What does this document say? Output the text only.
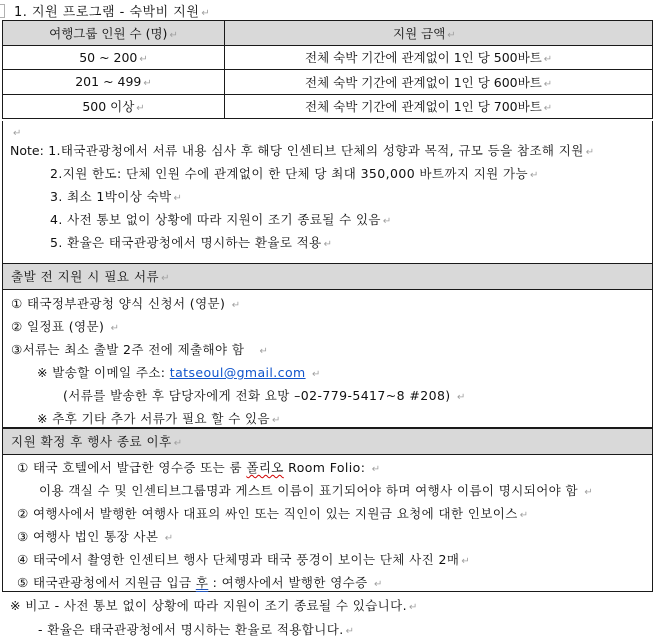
1. 지원 프로그램 - 숙박비 지원 ↵
여행그룹 인원 수 (명) ↵	지원 금액 ↵
50 ~ 200 ↵	전체 숙박 기간에 관계없이 1인 당 500바트 ↵
201 ~ 499 ↵	전체 숙박 기간에 관계없이 1인 당 600바트 ↵
500 이상 ↵	전체 숙박 기간에 관계없이 1인 당 700바트 ↵
↵
Note: 1.태국관광청에서 서류 내용 심사 후 해당 인센티브 단체의 성향과 목적, 규모 등을 참조해 지원 ↵
2.지원 한도: 단체 인원 수에 관계없이 한 단체 당 최대 350,000 바트까지 지원 가능 ↵
3. 최소 1박이상 숙박 ↵
4. 사전 통보 없이 상황에 따라 지원이 조기 종료될 수 있음 ↵
5. 환율은 태국관광청에서 명시하는 환율로 적용 ↵
출발 전 지원 시 필요 서류 ↵
① 태국정부관광청 양식 신청서 (영문) ↵
② 일정표 (영문) ↵
③서류는 최소 출발 2주 전에 제출해야 함 ↵
※ 발송할 이메일 주소: tatseoul@gmail.com ↵
(서류를 발송한 후 담당자에게 전화 요망 –02-779-5417~8 #208) ↵
※ 추후 기타 추가 서류가 필요 할 수 있음 ↵
지원 확정 후 행사 종료 이후 ↵
① 태국 호텔에서 발급한 영수증 또는 룸 폴리오 Room Folio: ↵
이용 객실 수 및 인센티브그룹명과 게스트 이름이 표기되어야 하며 여행사 이름이 명시되어야 함 ↵
② 여행사에서 발행한 여행사 대표의 싸인 또는 직인이 있는 지원금 요청에 대한 인보이스 ↵
③ 여행사 법인 통장 사본 ↵
④ 태국에서 촬영한 인센티브 행사 단체명과 태국 풍경이 보이는 단체 사진 2매 ↵
⑤ 태국관광청에서 지원금 입금 후 : 여행사에서 발행한 영수증 ↵
※ 비고 - 사전 통보 없이 상황에 따라 지원이 조기 종료될 수 있습니다. ↵
- 환율은 태국관광청에서 명시하는 환율로 적용합니다. ↵
